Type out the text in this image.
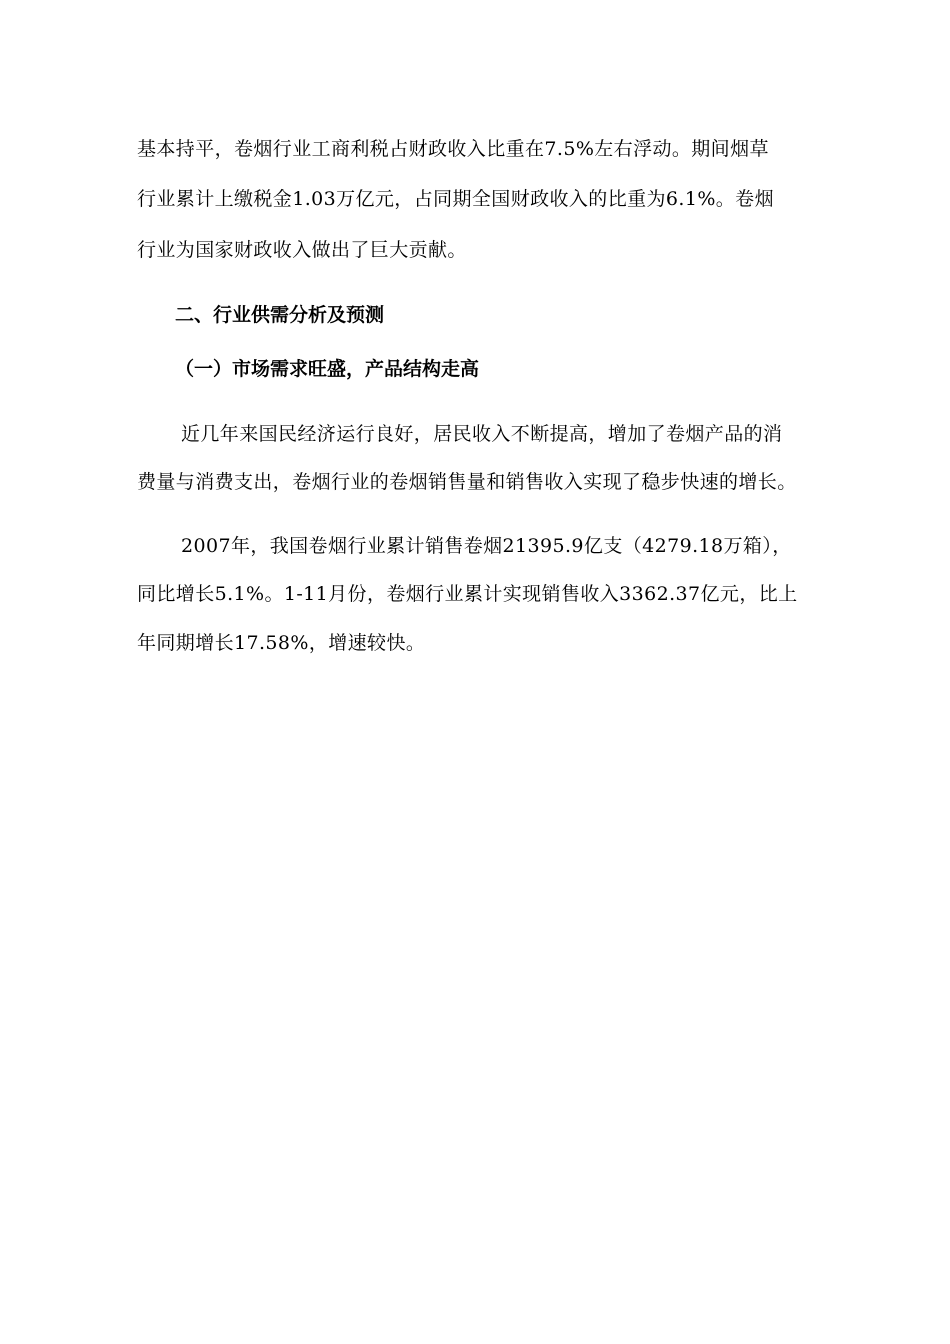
基本持平，卷烟行业工商利税占财政收入比重在7.5%左右浮动。期间烟草
行业累计上缴税金1.03万亿元，占同期全国财政收入的比重为6.1%。卷烟
行业为国家财政收入做出了巨大贡献。
二、行业供需分析及预测
（一）市场需求旺盛，产品结构走高
近几年来国民经济运行良好，居民收入不断提高，增加了卷烟产品的消
费量与消费支出，卷烟行业的卷烟销售量和销售收入实现了稳步快速的增长。
2007年，我国卷烟行业累计销售卷烟21395.9亿支（4279.18万箱），
同比增长5.1%。1-11月份，卷烟行业累计实现销售收入3362.37亿元，比上
年同期增长17.58%，增速较快。
